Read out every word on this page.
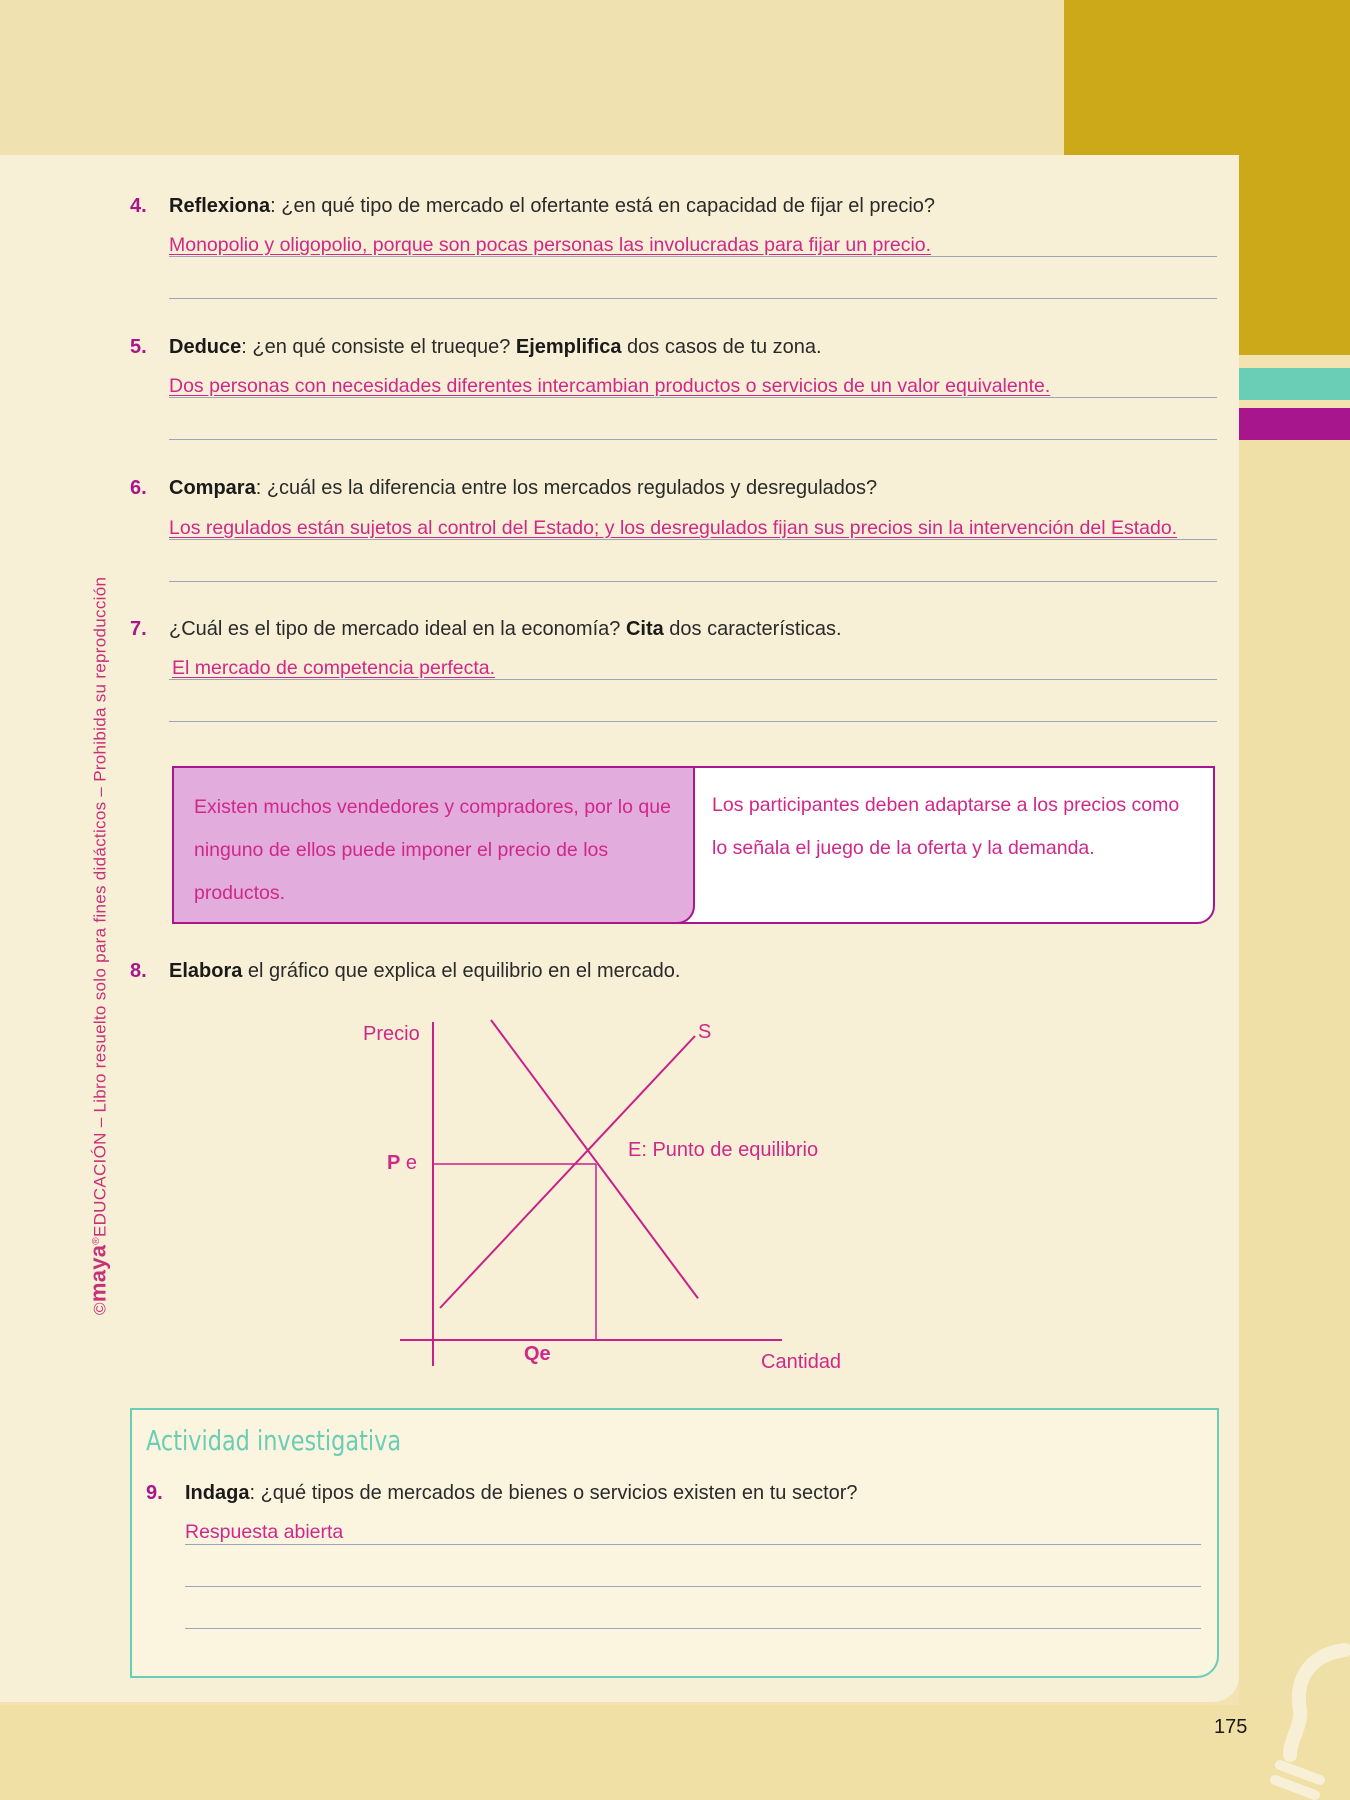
©maya®EDUCACIÓN – Libro resuelto solo para fines didácticos – Prohibida su reproducción
4. Reflexiona: ¿en qué tipo de mercado el ofertante está en capacidad de fijar el precio?
Monopolio y oligopolio, porque son pocas personas las involucradas para fijar un precio.
5. Deduce: ¿en qué consiste el trueque? Ejemplifica dos casos de tu zona.
Dos personas con necesidades diferentes intercambian productos o servicios de un valor equivalente.
6. Compara: ¿cuál es la diferencia entre los mercados regulados y desregulados?
Los regulados están sujetos al control del Estado; y los desregulados fijan sus precios sin la intervención del Estado.
7. ¿Cuál es el tipo de mercado ideal en la economía? Cita dos características.
El mercado de competencia perfecta.
Existen muchos vendedores y compradores, por lo que ninguno de ellos puede imponer el precio de los productos.
Los participantes deben adaptarse a los precios como lo señala el juego de la oferta y la demanda.
8. Elabora el gráfico que explica el equilibrio en el mercado.
Precio
Cantidad
S
E: Punto de equilibrio
P e
Qe
Actividad investigativa
9. Indaga: ¿qué tipos de mercados de bienes o servicios existen en tu sector?
Respuesta abierta
175
